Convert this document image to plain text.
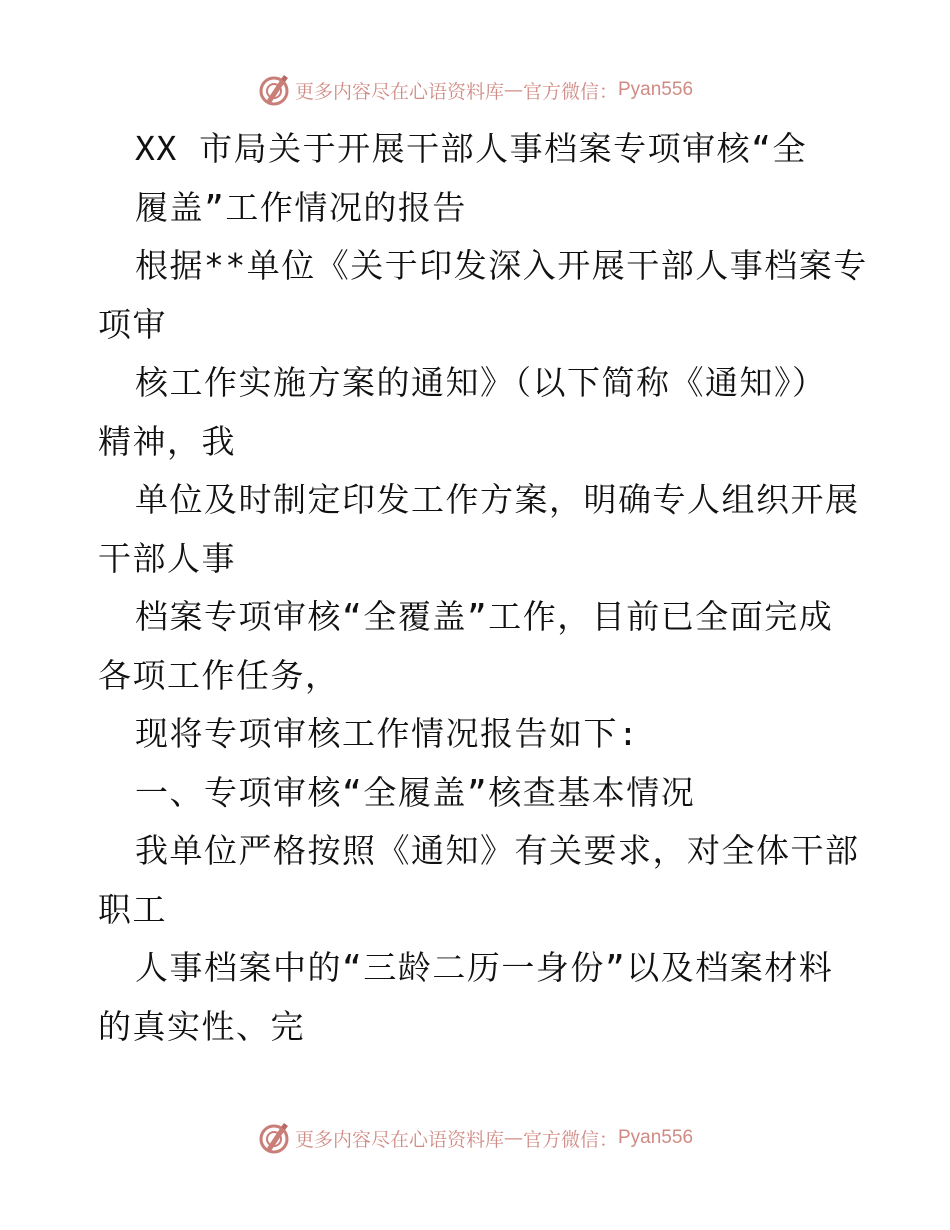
更多内容尽在心语资料库 — 官方微信： Pyan556
XX 市局关于开展干部人事档案专项审核“全
履盖”工作情况的报告
根据**单位《关于印发深入开展干部人事档案专
项审
核工作实施方案的通知》（以下简称《通知》）
精神，我
单位及时制定印发工作方案，明确专人组织开展
干部人事
档案专项审核“全覆盖”工作，目前已全面完成
各项工作任务，
现将专项审核工作情况报告如下:
一、专项审核“全履盖”核查基本情况
我单位严格按照《通知》有关要求，对全体干部
职工
人事档案中的“三龄二历一身份”以及档案材料
的真实性、完
更多内容尽在心语资料库 — 官方微信： Pyan556
